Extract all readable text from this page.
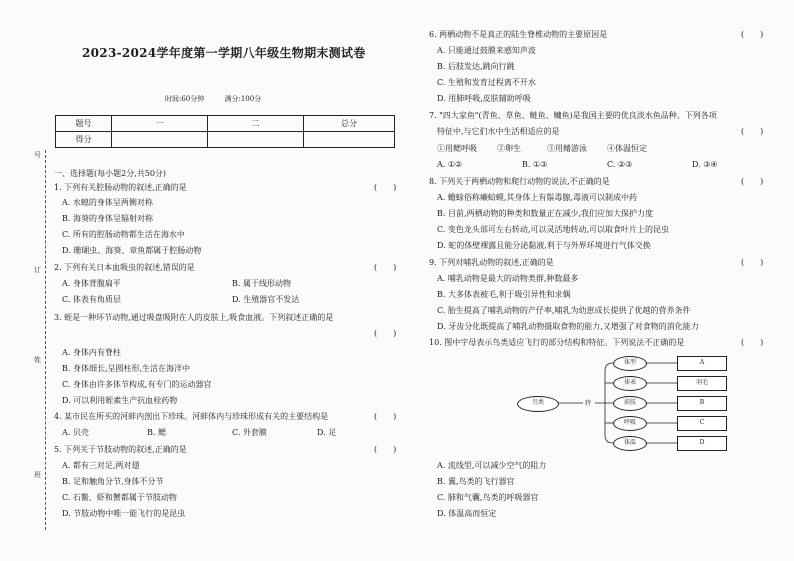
号
订
姓
班
2023-2024学年度第一学期八年级生物期末测试卷
时间:60分钟	满分:100分
题号	一	二	总分
得分			
一、选择题(每小题2分,共50分)
1. 下列有关腔肠动物的叙述,正确的是	(　　)
A. 水螅的身体呈两侧对称
B. 海葵的身体呈辐射对称
C. 所有的腔肠动物都生活在海水中
D. 珊瑚虫、海葵、章鱼都属于腔肠动物
2. 下列有关日本血吸虫的叙述,错误的是	(　　)
A. 身体背腹扁平	B. 属于线形动物
C. 体表有角质层	D. 生殖器官不发达
3. 蛭是一种环节动物,通过吸盘吸附在人的皮肤上,吸食血液。下列叙述正确的是
(　　)
A. 身体内有脊柱
B. 身体细长,呈圆柱形,生活在海洋中
C. 身体由许多体节构成,有专门的运动器官
D. 可以利用蛭素生产抗血栓药物
4. 某市民在所买的河蚌内剖出下珍珠。河蚌体内与珍珠形成有关的主要结构是	(　　)
A. 贝壳	B. 鳃	C. 外套膜	D. 足
5. 下列关于节肢动物的叙述,正确的是	(　　)
A. 都有三对足,两对翅
B. 足和触角分节,身体不分节
C. 石鳖、虾和蟹都属于节肢动物
D. 节肢动物中唯一能飞行的是昆虫
6. 两栖动物不是真正的陆生脊椎动物的主要原因是	(　　)
A. 只能通过鼓膜来感知声波
B. 后肢发达,跳向行跳
C. 生殖和发育过程离不开水
D. 用肺呼吸,皮肤辅助呼吸
7. "四大家鱼"(青鱼、草鱼、鲢鱼、鳙鱼)是我国主要的优良淡水鱼品种。下列各项
特征中,与它们水中生活相适应的是	(　　)
①用鳃呼吸	②卵生	③用鳍游泳	④体温恒定
A. ①②	B. ①③	C. ②③	D. ③④
8. 下列关于两栖动物和爬行动物的说法,不正确的是	(　　)
A. 蟾蜍俗称癞蛤蟆,其身体上有鬃毒腺,毒液可以制成中药
B. 目前,两栖动物的种类和数量正在减少,我们应加大保护力度
C. 变色龙头部可左右转动,可以灵活地转动,可以取食叶片上的昆虫
D. 蛇的体壁裸露且能分泌黏液,利于与外界环境进行气体交换
9. 下列对哺乳动物的叙述,正确的是	(　　)
A. 哺乳动物是最大的动物类群,种数最多
B. 大多体表被毛,利于吸引异性和求偶
C. 胎生提高了哺乳动物的产仔率,哺乳为幼崽成长提供了优越的营养条件
D. 牙齿分化既提高了哺乳动物摄取食物的能力,又增强了对食物的消化能力
10. 图中字母表示鸟类适应飞行的部分结构和特征。下列说法不正确的是	(　　)
鸟类	特
体型
体表
前肢
呼吸
体温
A
羽毛
B
C
D
A. 流线型,可以减少空气的阻力
B. 翼,鸟类的飞行器官
C. 肺和气囊,鸟类的呼吸器官
D. 体温高而恒定
